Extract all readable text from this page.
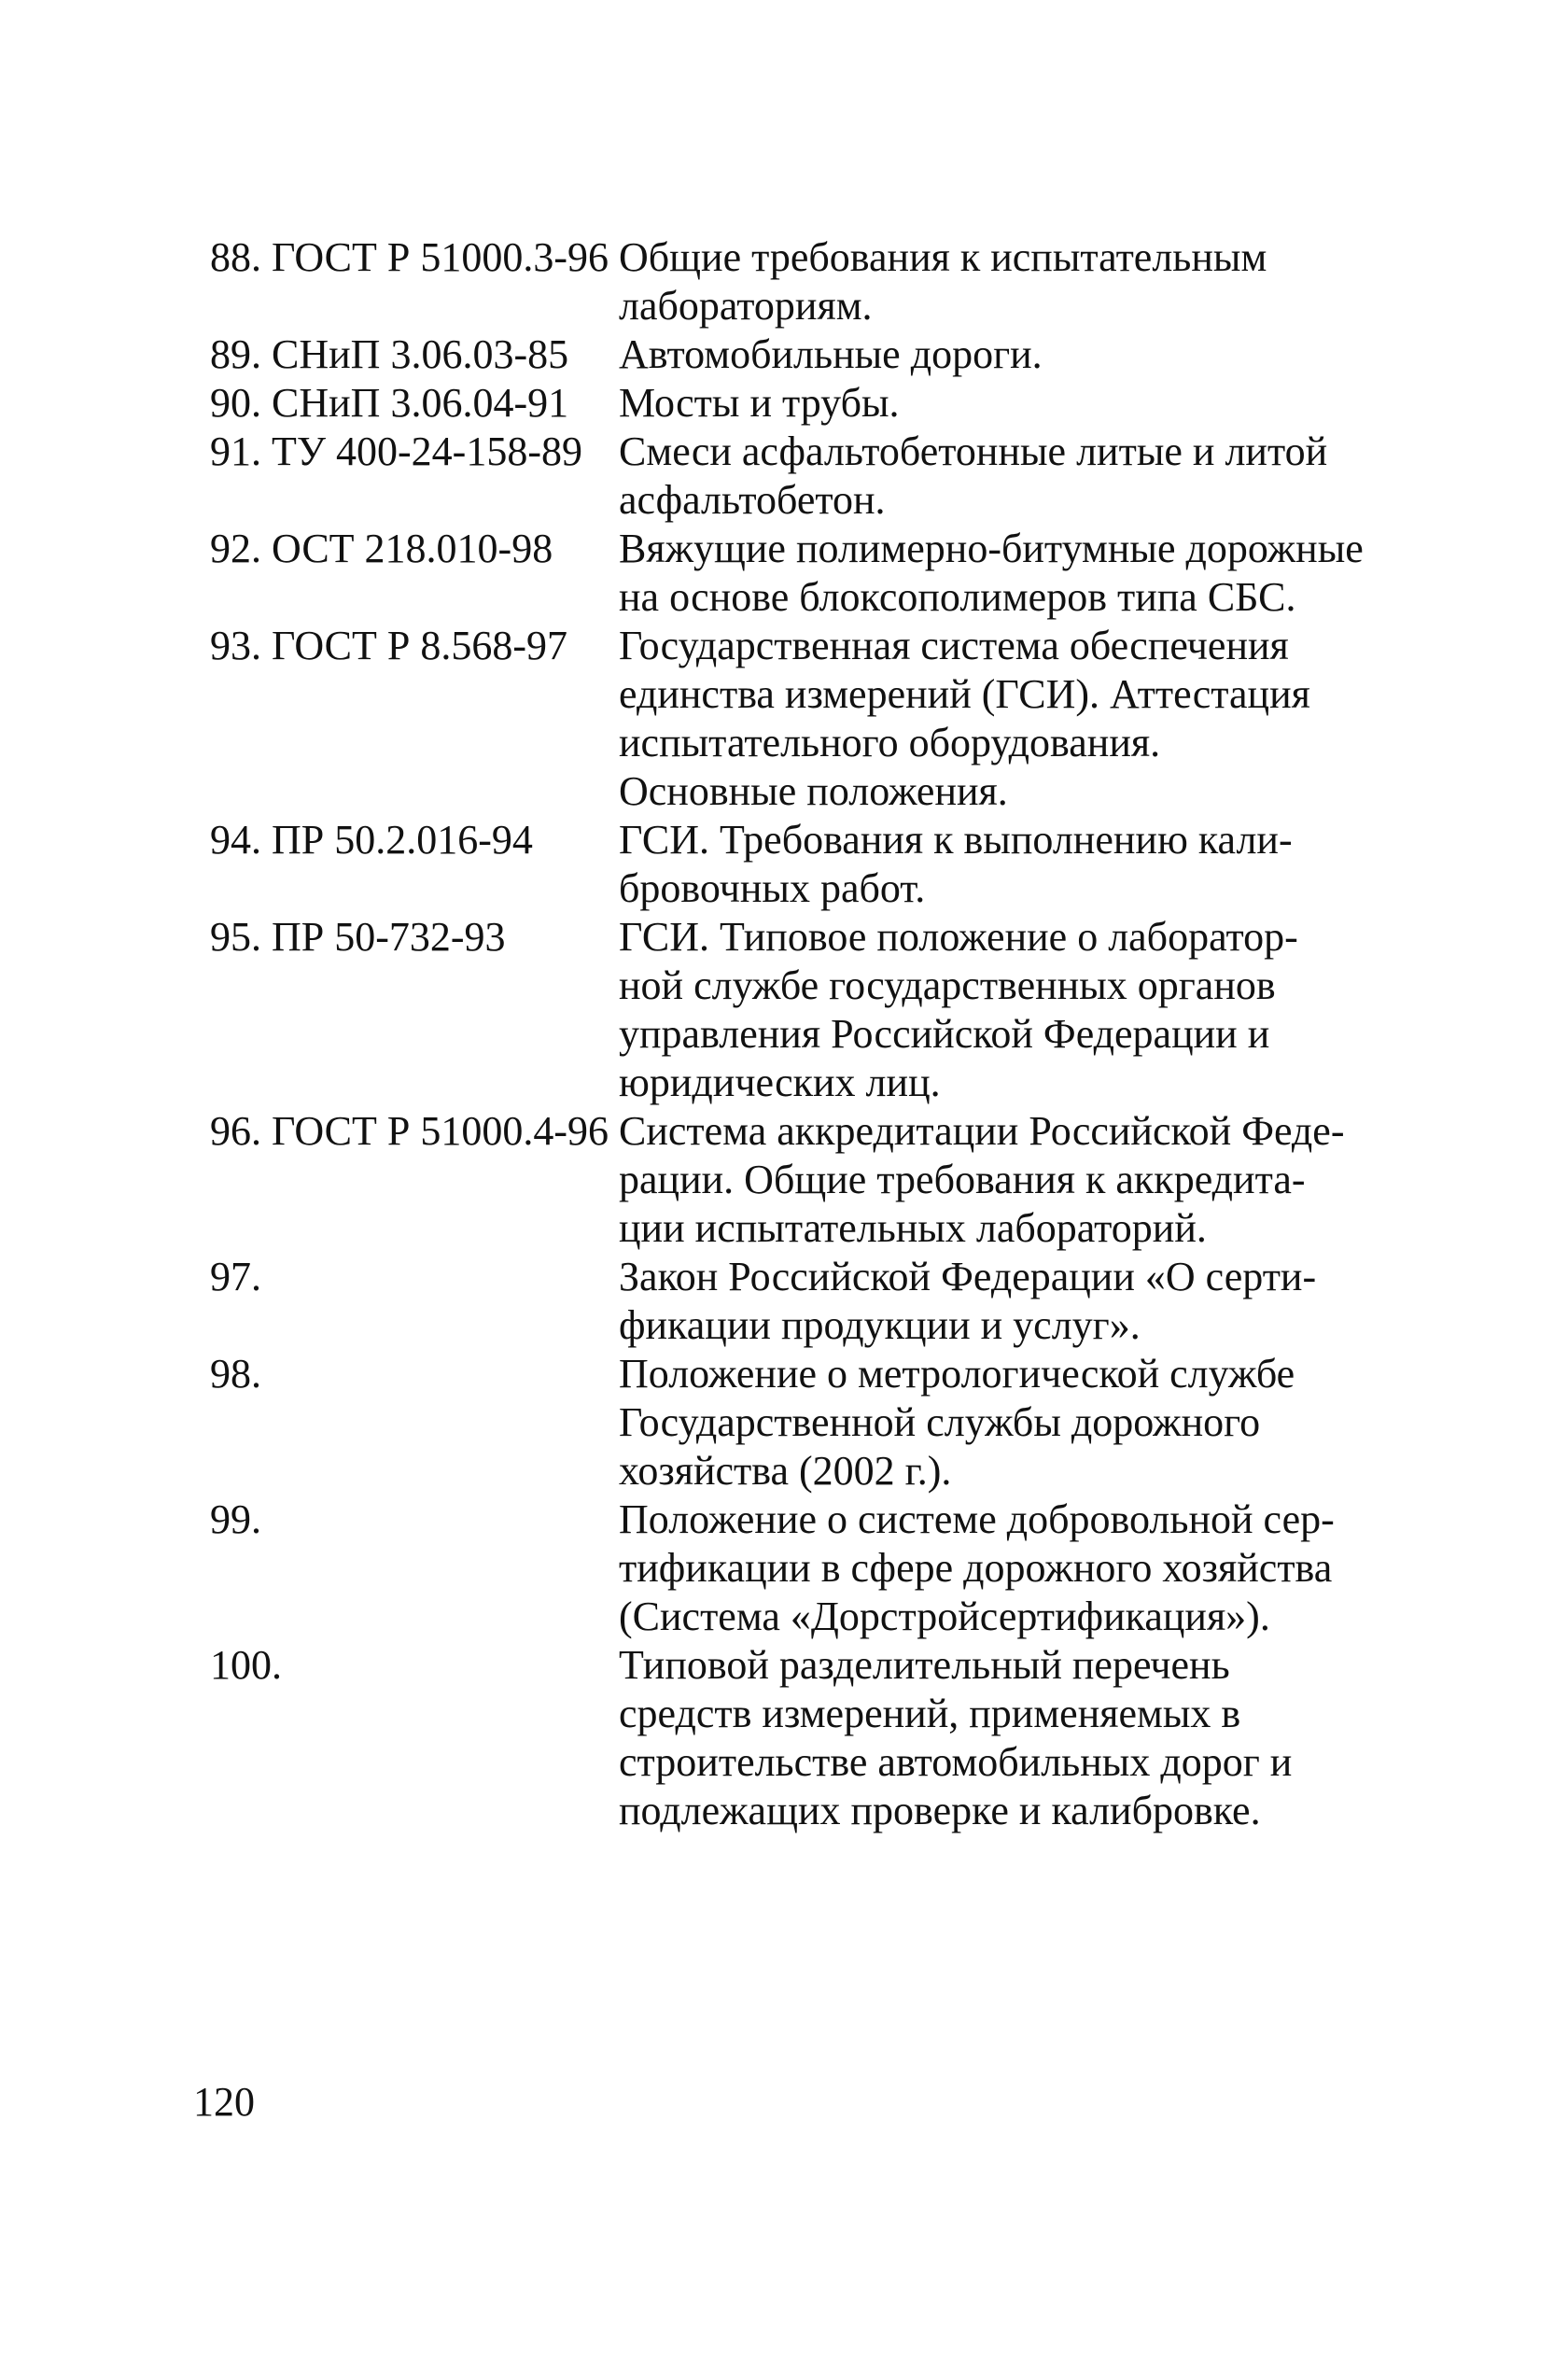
88. ГОСТ Р 51000.3-96 Общие требования к испытательным
лабораториям.
89. СНиП 3.06.03-85	Автомобильные дороги.
90. СНиП 3.06.04-91	Мосты и трубы.
91. ТУ 400-24-158-89 Смеси асфальтобетонные литые и литой
асфальтобетон.
92. ОСТ 218.010-98	Вяжущие полимерно-битумные дорожные
на основе блоксополимеров типа СБС.
93. ГОСТ Р 8.568-97	Государственная система обеспечения
единства измерений (ГСИ). Аттестация
испытательного оборудования.
Основные положения.
94. ПР 50.2.016-94	ГСИ. Требования к выполнению кали-
бровочных работ.
95. ПР 50-732-93	ГСИ. Типовое положение о лаборатор-
ной службе государственных органов
управления Российской Федерации и
юридических лиц.
96. ГОСТ Р 51000.4-96 Система аккредитации Российской Феде-
рации. Общие требования к аккредита-
ции испытательных лабораторий.
97.	Закон Российской Федерации «О серти-
фикации продукции и услуг».
98.	Положение о метрологической службе
Государственной службы дорожного
хозяйства (2002 г.).
99.	Положение о системе добровольной сер-
тификации в сфере дорожного хозяйства
(Система «Дорстройсертификация»).
100.	Типовой разделительный перечень
средств измерений, применяемых в
строительстве автомобильных дорог и
подлежащих проверке и калибровке.
120
